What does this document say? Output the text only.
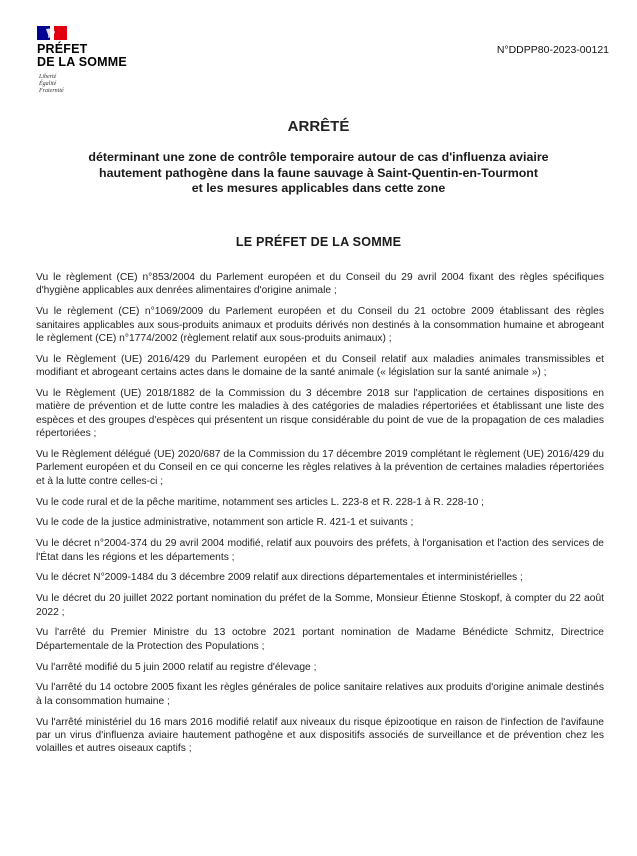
PRÉFET
DE LA SOMME
Liberté
Égalité
Fraternité
N°DDPP80-2023-00121
ARRÊTÉ
déterminant une zone de contrôle temporaire autour de cas d'influenza aviaire
hautement pathogène dans la faune sauvage à Saint-Quentin-en-Tourmont
et les mesures applicables dans cette zone
LE PRÉFET DE LA SOMME

Vu le règlement (CE) n°853/2004 du Parlement européen et du Conseil du 29 avril 2004 fixant des règles spécifiques d'hygiène applicables aux denrées alimentaires d'origine animale ;

Vu le règlement (CE) n°1069/2009 du Parlement européen et du Conseil du 21 octobre 2009 établissant des règles sanitaires applicables aux sous-produits animaux et produits dérivés non destinés à la consommation humaine et abrogeant le règlement (CE) n°1774/2002 (règlement relatif aux sous-produits animaux) ;

Vu le Règlement (UE) 2016/429 du Parlement européen et du Conseil relatif aux maladies animales transmissibles et modifiant et abrogeant certains actes dans le domaine de la santé animale (« législation sur la santé animale ») ;

Vu le Règlement (UE) 2018/1882 de la Commission du 3 décembre 2018 sur l'application de certaines dispositions en matière de prévention et de lutte contre les maladies à des catégories de maladies répertoriées et établissant une liste des espèces et des groupes d'espèces qui présentent un risque considérable du point de vue de la propagation de ces maladies répertoriées ;

Vu le Règlement délégué (UE) 2020/687 de la Commission du 17 décembre 2019 complétant le règlement (UE) 2016/429 du Parlement européen et du Conseil en ce qui concerne les règles relatives à la prévention de certaines maladies répertoriées et à la lutte contre celles-ci ;

Vu le code rural et de la pêche maritime, notamment ses articles L. 223-8 et R. 228-1 à R. 228-10 ;

Vu le code de la justice administrative, notamment son article R. 421-1 et suivants ;

Vu le décret n°2004-374 du 29 avril 2004 modifié, relatif aux pouvoirs des préfets, à l'organisation et l'action des services de l'État dans les régions et les départements ;

Vu le décret N°2009-1484 du 3 décembre 2009 relatif aux directions départementales et interministérielles ;

Vu le décret du 20 juillet 2022 portant nomination du préfet de la Somme, Monsieur Étienne Stoskopf, à compter du 22 août 2022 ;

Vu l'arrêté du Premier Ministre du 13 octobre 2021 portant nomination de Madame Bénédicte Schmitz, Directrice Départementale de la Protection des Populations ;

Vu l'arrêté modifié du 5 juin 2000 relatif au registre d'élevage ;

Vu l'arrêté du 14 octobre 2005 fixant les règles générales de police sanitaire relatives aux produits d'origine animale destinés à la consommation humaine ;

Vu l'arrêté ministériel du 16 mars 2016 modifié relatif aux niveaux du risque épizootique en raison de l'infection de l'avifaune par un virus d'influenza aviaire hautement pathogène et aux dispositifs associés de surveillance et de prévention chez les volailles et autres oiseaux captifs ;
